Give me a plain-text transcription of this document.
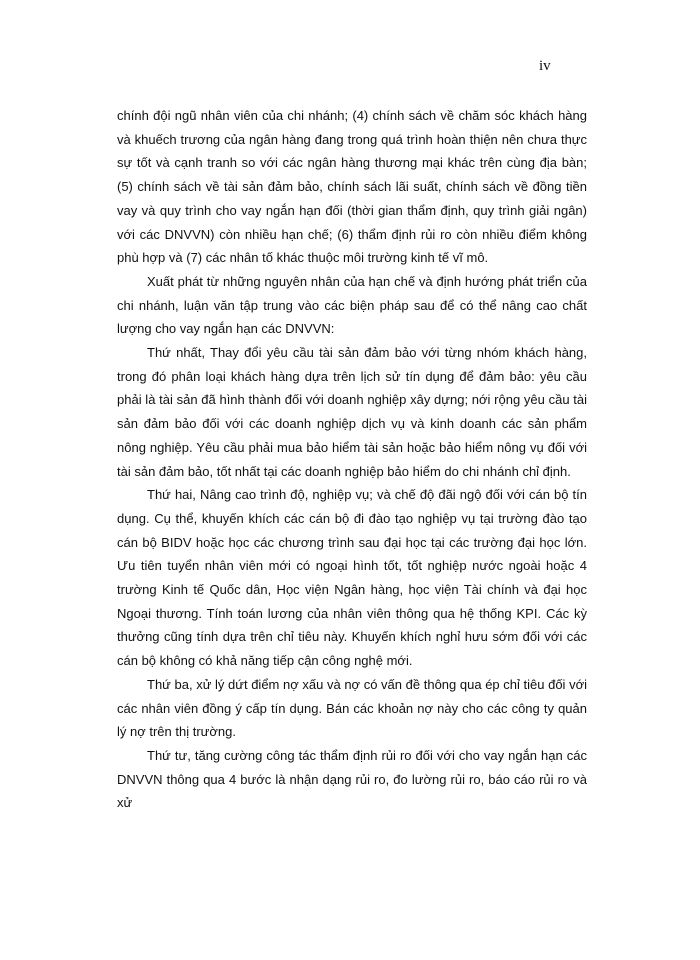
iv

chính đội ngũ nhân viên của chi nhánh; (4) chính sách về chăm sóc khách hàng và khuếch trương của ngân hàng đang trong quá trình hoàn thiện nên chưa thực sự tốt và cạnh tranh so với các ngân hàng thương mại khác trên cùng địa bàn; (5) chính sách về tài sản đảm bảo, chính sách lãi suất, chính sách về đồng tiền vay và quy trình cho vay ngắn hạn đối (thời gian thẩm định, quy trình giải ngân) với các DNVVN) còn nhiều hạn chế; (6) thẩm định rủi ro còn nhiều điểm không phù hợp và (7) các nhân tố khác thuộc môi trường kinh tế vĩ mô.

Xuất phát từ những nguyên nhân của hạn chế và định hướng phát triển của chi nhánh, luận văn tập trung vào các biện pháp sau để có thể nâng cao chất lượng cho vay ngắn hạn các DNVVN:

Thứ nhất, Thay đổi yêu cầu tài sản đảm bảo với từng nhóm khách hàng, trong đó phân loại khách hàng dựa trên lịch sử tín dụng để đảm bảo: yêu cầu phải là tài sản đã hình thành đối với doanh nghiệp xây dựng; nới rộng yêu cầu tài sản đảm bảo đối với các doanh nghiệp dịch vụ và kinh doanh các sản phẩm nông nghiệp. Yêu cầu phải mua bảo hiểm tài sản hoặc bảo hiểm nông vụ đối với tài sản đảm bảo, tốt nhất tại các doanh nghiệp bảo hiểm do chi nhánh chỉ định.

Thứ hai, Nâng cao trình độ, nghiệp vụ; và chế độ đãi ngộ đối với cán bộ tín dụng. Cụ thể, khuyến khích các cán bộ đi đào tạo nghiệp vụ tại trường đào tạo cán bộ BIDV hoặc học các chương trình sau đại học tại các trường đại học lớn. Ưu tiên tuyển nhân viên mới có ngoại hình tốt, tốt nghiệp nước ngoài hoặc 4 trường Kinh tế Quốc dân, Học viện Ngân hàng, học viện Tài chính và đại học Ngoại thương. Tính toán lương của nhân viên thông qua hệ thống KPI. Các kỳ thưởng cũng tính dựa trên chỉ tiêu này. Khuyến khích nghỉ hưu sớm đối với các cán bộ không có khả năng tiếp cận công nghệ mới.

Thứ ba, xử lý dứt điểm nợ xấu và nợ có vấn đề thông qua ép chỉ tiêu đối với các nhân viên đồng ý cấp tín dụng. Bán các khoản nợ này cho các công ty quản lý nợ trên thị trường.

Thứ tư, tăng cường công tác thẩm định rủi ro đối với cho vay ngắn hạn các DNVVN thông qua 4 bước là nhận dạng rủi ro, đo lường rủi ro, báo cáo rủi ro và xử
